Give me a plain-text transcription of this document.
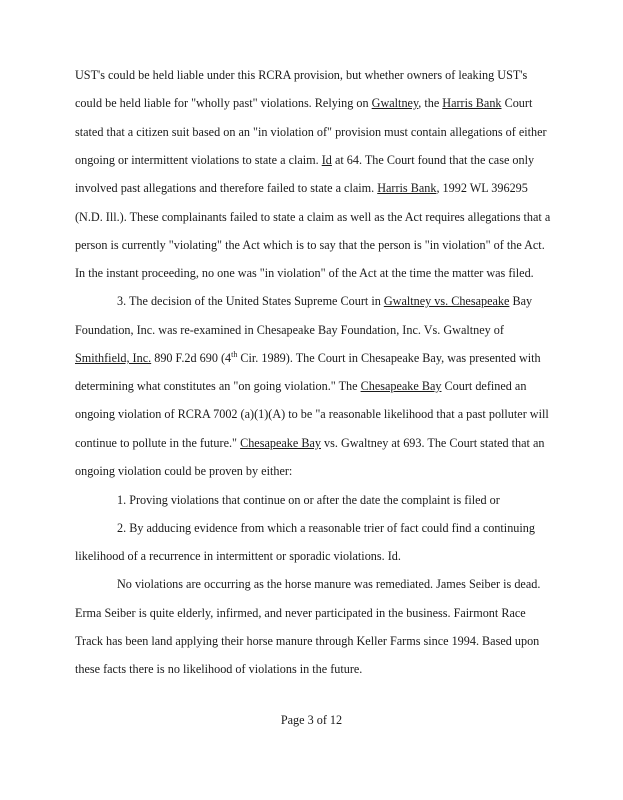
UST's could be held liable under this RCRA provision, but whether owners of leaking UST's
could be held liable for "wholly past" violations. Relying on Gwaltney, the Harris Bank Court
stated that a citizen suit based on an "in violation of" provision must contain allegations of either
ongoing or intermittent violations to state a claim. Id at 64. The Court found that the case only
involved past allegations and therefore failed to state a claim. Harris Bank, 1992 WL 396295
(N.D. Ill.). These complainants failed to state a claim as well as the Act requires allegations that a
person is currently "violating" the Act which is to say that the person is "in violation" of the Act.
In the instant proceeding, no one was "in violation" of the Act at the time the matter was filed.
3. The decision of the United States Supreme Court in Gwaltney vs. Chesapeake Bay
Foundation, Inc. was re-examined in Chesapeake Bay Foundation, Inc. Vs. Gwaltney of
Smithfield, Inc. 890 F.2d 690 (4th Cir. 1989). The Court in Chesapeake Bay, was presented with
determining what constitutes an "on going violation." The Chesapeake Bay Court defined an
ongoing violation of RCRA 7002 (a)(1)(A) to be "a reasonable likelihood that a past polluter will
continue to pollute in the future." Chesapeake Bay vs. Gwaltney at 693. The Court stated that an
ongoing violation could be proven by either:
1. Proving violations that continue on or after the date the complaint is filed or
2. By adducing evidence from which a reasonable trier of fact could find a continuing
likelihood of a recurrence in intermittent or sporadic violations. Id.
No violations are occurring as the horse manure was remediated. James Seiber is dead.
Erma Seiber is quite elderly, infirmed, and never participated in the business. Fairmont Race
Track has been land applying their horse manure through Keller Farms since 1994. Based upon
these facts there is no likelihood of violations in the future.
Page 3 of 12
